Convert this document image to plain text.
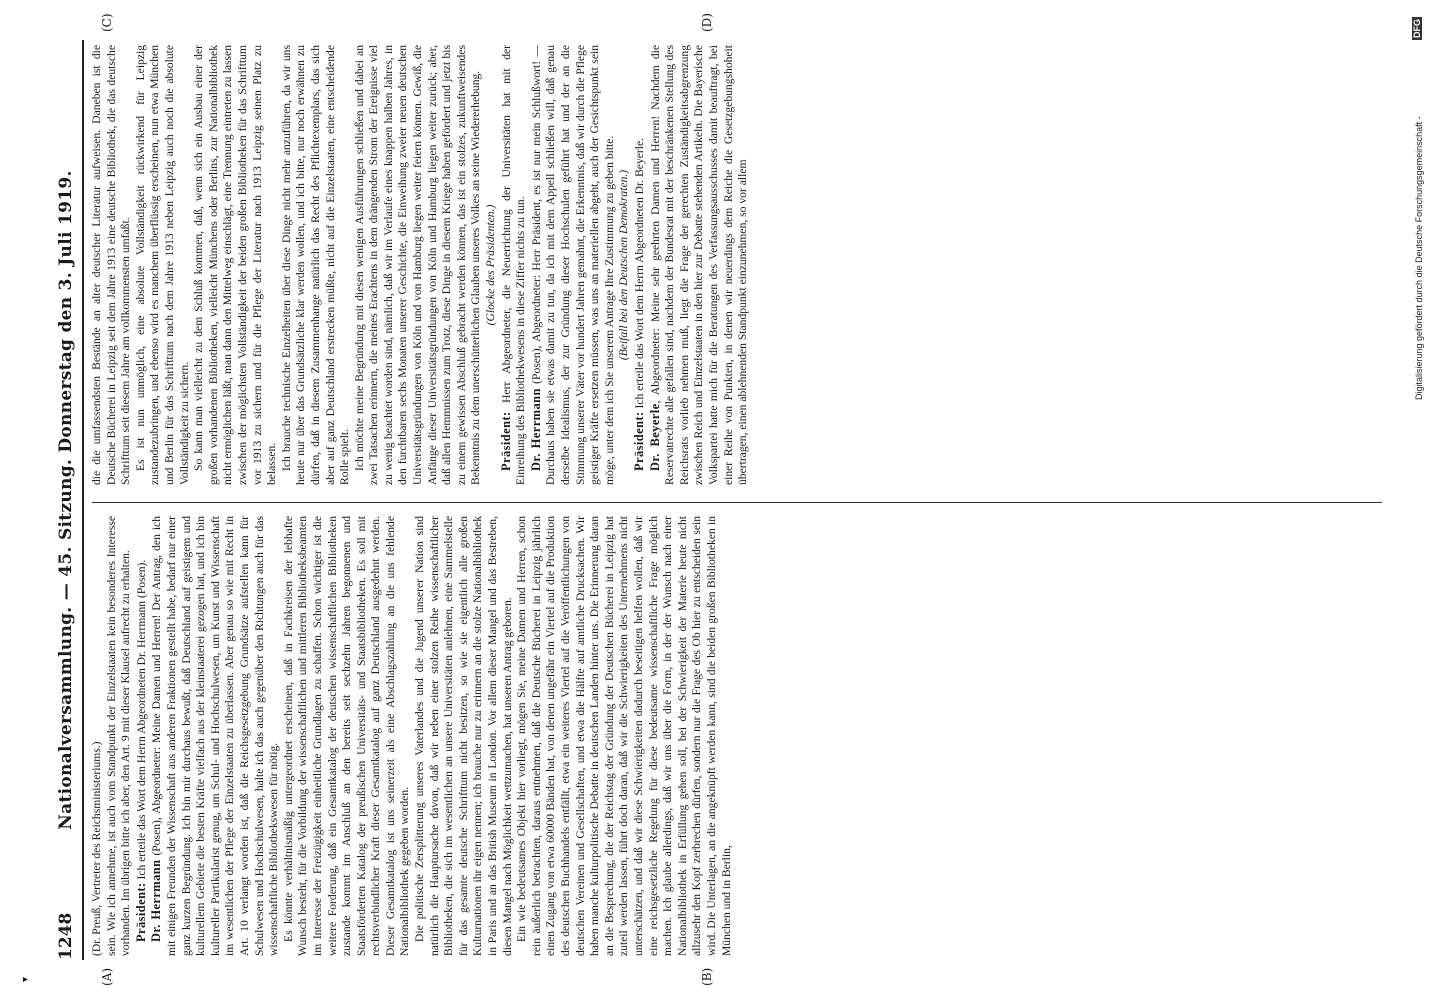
1248
Nationalversammlung. — 45. Sitzung. Donnerstag den 3. Juli 1919.
▾	(A)	(B)
(C)	(D)

(Dr. Preuß, Vertreter des Reichsministeriums.) sein. Wie ich annehme, ist auch vom Standpunkt der Einzelstaaten kein besonderes Interesse vorhanden. Im übrigen bitte ich aber, den Art. 9 mit dieser Klausel aufrecht zu erhalten. Präsident: Ich erteile das Wort dem Herrn Abgeordneten Dr. Herrmann (Posen).

Dr. Herrmann (Posen), Abgeordneter: Meine Damen und Herren! Der Antrag, den ich mit einigen Freunden der Wissenschaft aus anderen Fraktionen gestellt habe, bedarf nur einer ganz kurzen Begründung. Ich bin mir durchaus bewußt, daß Deutschland auf geistigem und kulturellem Gebiete die besten Kräfte vielfach aus der kleinstaaterei gezogen hat, und ich bin kultureller Partikularist genug, um Schul- und Hochschulwesen, um Kunst und Wissenschaft im wesentlichen der Pflege der Einzelstaaten zu überlassen. Aber genau so wie mit Recht in Art. 10 verlangt worden ist, daß die Reichsgesetzgebung Grundsätze aufstellen kann für Schulwesen und Hochschulwesen, halte ich das auch gegenüber den Richtungen auch für das wissenschaftliche Bibliothekswesen für nötig. Es könnte verhältnismäßig untergeordnet erscheinen, daß in Fachkreisen der lebhafte Wunsch besteht, für die Vorbildung der wissenschaftlichen und mittleren Bibliotheksbeamten im Interesse der Freizügigkeit einheitliche Grundlagen zu schaffen. Schon wichtiger ist die weitere Forderung, daß ein Gesamtkatalog der deutschen wissenschaftlichen Bibliotheken zustande kommt im Anschluß an den bereits seit sechzehn Jahren begonnenen und Staatsförderten Katalog der preußischen Universitäts- und Staatsbibliotheken. Es soll mit rechtsverbindlicher Kraft dieser Gesamtkatalog auf ganz Deutschland ausgedehnt werden. Dieser Gesamtkatalog ist uns seinerzeit als eine Abschlagszahlung an die uns fehlende Nationalbibliothek gegeben worden. Die politische Zersplitterung unseres Vaterlandes und die Jugend unserer Nation sind natürlich die Hauptursache davon, daß wir neben einer stolzen Reihe wissenschaftlicher Bibliotheken, die sich im wesentlichen an unsere Universitäten anlehnen, eine Sammelstelle für das gesamte deutsche Schrifttum nicht besitzen, so wie sie eigentlich alle großen Kulturnationen ihr eigen nennen; ich brauche nur zu erinnern an die stolze Nationalbibliothek in Paris und an das British Museum in London. Vor allem dieser Mangel und das Bestreben, diesen Mangel nach Möglichkeit wettzumachen, hat unseren Antrag geboren. Ein wie bedeutsames Objekt hier vorliegt, mögen Sie, meine Damen und Herren, schon rein äußerlich betrachten, daraus entnehmen, daß die Deutsche Bücherei in Leipzig jährlich einen Zugang von etwa 60000 Bänden hat, von denen ungefähr ein Viertel auf die Produktion des deutschen Buchhandels entfällt, etwa ein weiteres Viertel auf die Veröffentlichungen von deutschen Vereinen und Gesellschaften, und etwa die Hälfte auf amtliche Drucksachen. Wir haben manche kulturpolitische Debatte in deutschen Landen hinter uns. Die Erinnerung daran an die Besprechung, die der Reichstag der Gründung der Deutschen Bücherei in Leipzig hat zuteil werden lassen, führt doch daran, daß wir die Schwierigkeiten des Unternehmens nicht unterschätzen, und daß wir diese Schwierigkeiten dadurch beseitigen helfen wollen, daß wir eine reichsgesetzliche Regelung für diese bedeutsame wissenschaftliche Frage möglich machen. Ich glaube allerdings, daß wir uns über die Form, in der der Wunsch nach einer Nationalbibliothek in Erfüllung gehen soll, bei der Schwierigkeit der Materie heute nicht allzusehr den Kopf zerbrechen dürfen, sondern nur die Frage des Ob hier zu entscheiden sein wird. Die Unterlagen, an die angeknüpft werden kann, sind die beiden großen Bibliotheken in München und in Berlin,

die die umfassendsten Bestände an alter deutscher Literatur aufweisen. Daneben ist die Deutsche Bücherei in Leipzig seit dem Jahre 1913 eine deutsche Bibliothek, die das deutsche Schrifttum seit diesem Jahre am vollkommensten umfaßt. Es ist nun unmöglich, eine absolute Vollständigkeit rückwirkend für Leipzig zustandezubringen, und ebenso wird es manchem überflüssig erscheinen, nun etwa München und Berlin für das Schrifttum nach dem Jahre 1913 neben Leipzig auch noch die absolute Vollständigkeit zu sichern. So kann man vielleicht zu dem Schluß kommen, daß, wenn sich ein Ausbau einer der großen vorhandenen Bibliotheken, vielleicht Münchens oder Berlins, zur Nationalbibliothek nicht ermöglichen läßt, man dann den Mittelweg einschlägt, eine Trennung eintreten zu lassen zwischen der möglichsten Vollständigkeit der beiden großen Bibliotheken für das Schrifttum vor 1913 zu sichern und für die Pflege der Literatur nach 1913 Leipzig seinen Platz zu belassen. Ich brauche technische Einzelheiten über diese Dinge nicht mehr anzuführen, da wir uns heute nur über das Grundsätzliche klar werden wollen, und ich bitte, nur noch erwähnen zu dürfen, daß in diesem Zusammenhange natürlich das Recht des Pflichtexemplars, das sich aber auf ganz Deutschland erstrecken müßte, nicht auf die Einzelstaaten, eine entscheidende Rolle spielt. Ich möchte meine Begründung mit diesen wenigen Ausführungen schließen und dabei an zwei Tatsachen erinnern, die meines Erachtens in dem drängenden Strom der Ereignisse viel zu wenig beachtet worden sind, nämlich, daß wir im Verlaufe eines knappen halben Jahres, in den furchtbaren sechs Monaten unserer Geschichte, die Einweihung zweier neuen deutschen Universitätsgründungen von Köln und von Hamburg liegen weiter feiern können. Gewiß, die Anfänge dieser Universitätsgründungen von Köln und Hamburg liegen weiter zurück; aber, daß allen Hemmnissen zum Trotz, diese Dinge in diesem Kriege haben gefördert und jetzt bis zu einem gewissen Abschluß gebracht werden können, das ist ein stolzes, zukunftweisendes Bekenntnis zu dem unerschütterlichen Glauben unseres Volkes an seine Wiedererhebung. (Glocke des Präsidenten.)

Präsident: Herr Abgeordneter, die Neuerrichtung der Universitäten hat mit der Einreihung des Bibliothekwesens in diese Ziffer nichts zu tun. Dr. Herrmann (Posen), Abgeordneter: Herr Präsident, es ist nur mein Schlußwort! — Durchaus haben sie etwas damit zu tun, da ich mit dem Appell schließen will, daß genau derselbe Idealismus, der zur Gründung dieser Hochschulen geführt hat und der an die Stimmung unserer Väter vor hundert Jahren gemahnt, die Erkenntnis, daß wir durch die Pflege geistiger Kräfte ersetzen müssen, was uns an materiellen abgeht, auch der Gesichtspunkt sein möge, unter dem ich Sie unserem Antrage Ihre Zustimmung zu geben bitte. (Beifall bei den Deutschen Demokraten.)

Präsident: Ich erteile das Wort dem Herrn Abgeordneten Dr. Beyerle.

Dr. Beyerle, Abgeordneter: Meine sehr geehrten Damen und Herren! Nachdem die Reservatrechte alle gefallen sind, nachdem der Bundesrat mit der beschränkenen Stellung des Reichsrats vorlieb nehmen muß, liegt die Frage der gerechten Zuständigkeitsabgrenzung zwischen Reich und Einzelstaaten in den hier zur Debatte stehenden Artikeln. Die Bayerische Volkspartei hatte mich für die Beratungen des Verfassungsausschusses damit beauftragt, bei einer Reihe von Punkten, in denen wir neuerdings dem Reiche die Gesetzgebungshoheit übertragen, einen ablehnenden Standpunkt einzunehmen, so vor allem	Digitalisierung gefördert durch die Deutsche Forschungsgemeinschaft -
DFG
